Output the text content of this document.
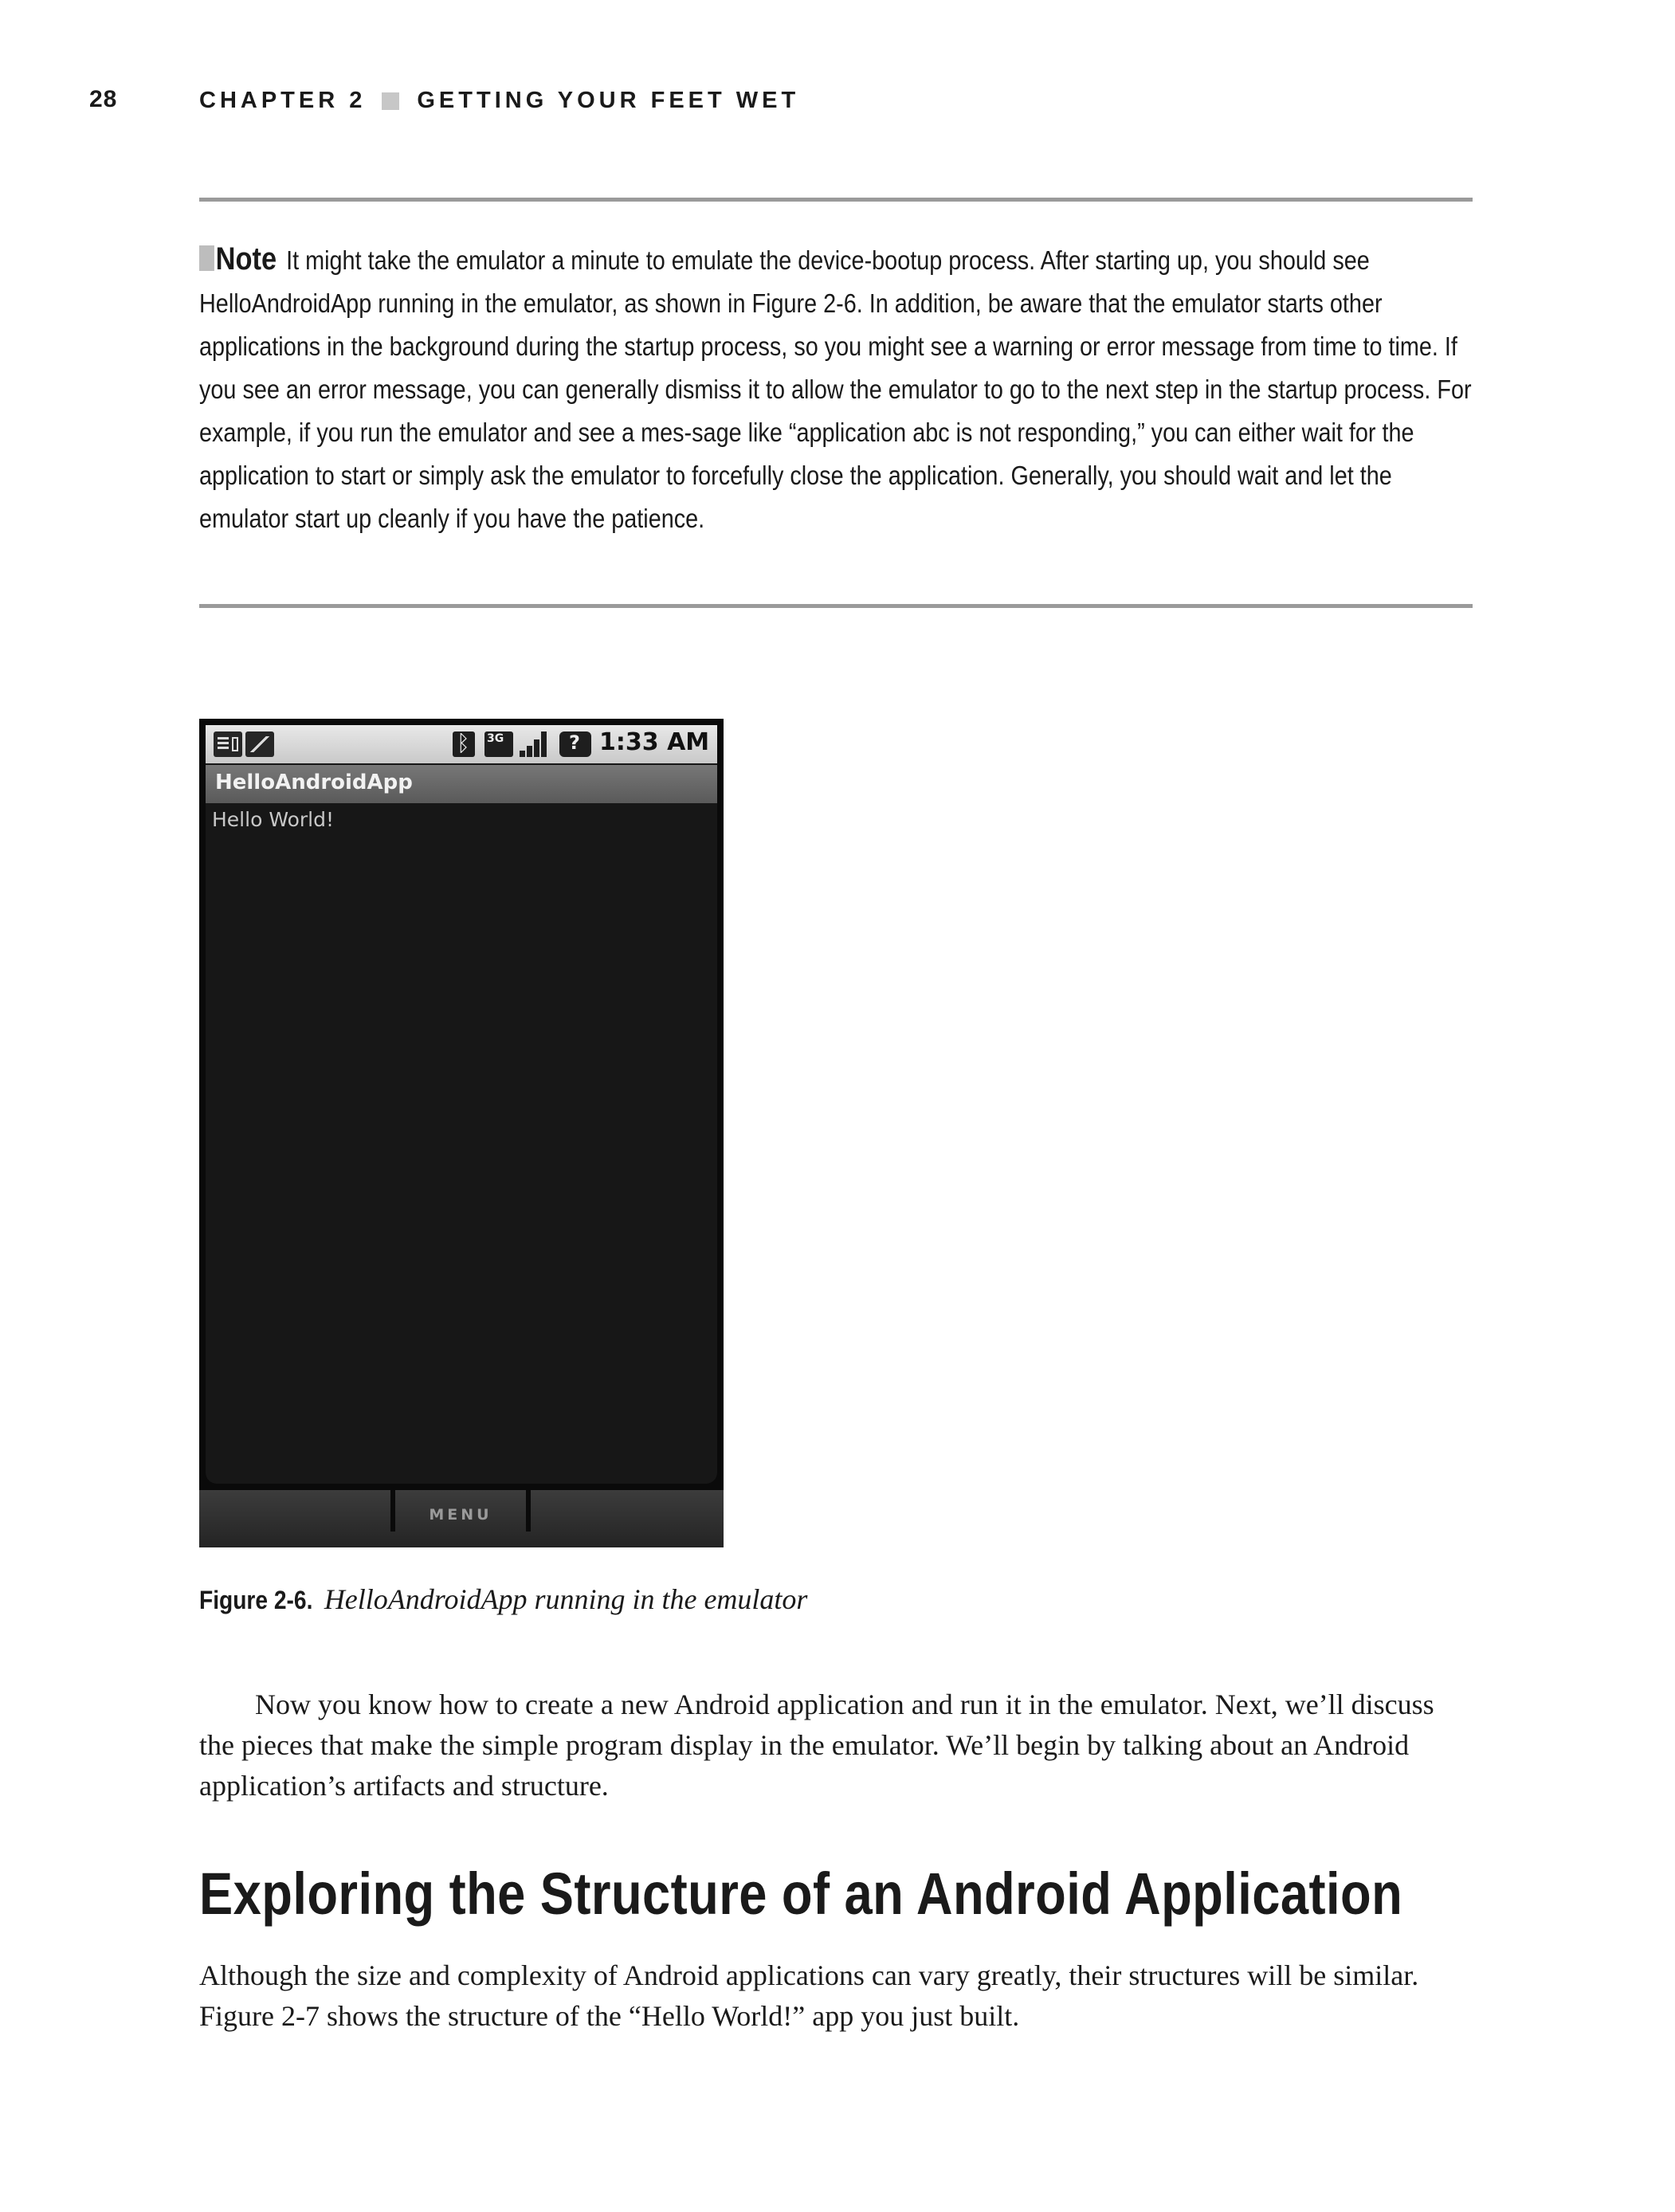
28	CHAPTER 2 GETTING YOUR FEET WET
Note It might take the emulator a minute to emulate the device-bootup process. After starting up, you should see HelloAndroidApp running in the emulator, as shown in Figure 2-6. In addition, be aware that the emulator starts other applications in the background during the startup process, so you might see a warning or error message from time to time. If you see an error message, you can generally dismiss it to allow the emulator to go to the next step in the startup process. For example, if you run the emulator and see a mes-sage like “application abc is not responding,” you can either wait for the application to start or simply ask the emulator to forcefully close the application. Generally, you should wait and let the emulator start up cleanly if you have the patience.
ᛒ
3G
?	1:33 AM
HelloAndroidApp
Hello World!
MENU
Figure 2-6. HelloAndroidApp running in the emulator
Now you know how to create a new Android application and run it in the emulator. Next, we’ll discuss the pieces that make the simple program display in the emulator. We’ll begin by talking about an Android application’s artifacts and structure.
Exploring the Structure of an Android Application
Although the size and complexity of Android applications can vary greatly, their structures will be similar. Figure 2-7 shows the structure of the “Hello World!” app you just built.
